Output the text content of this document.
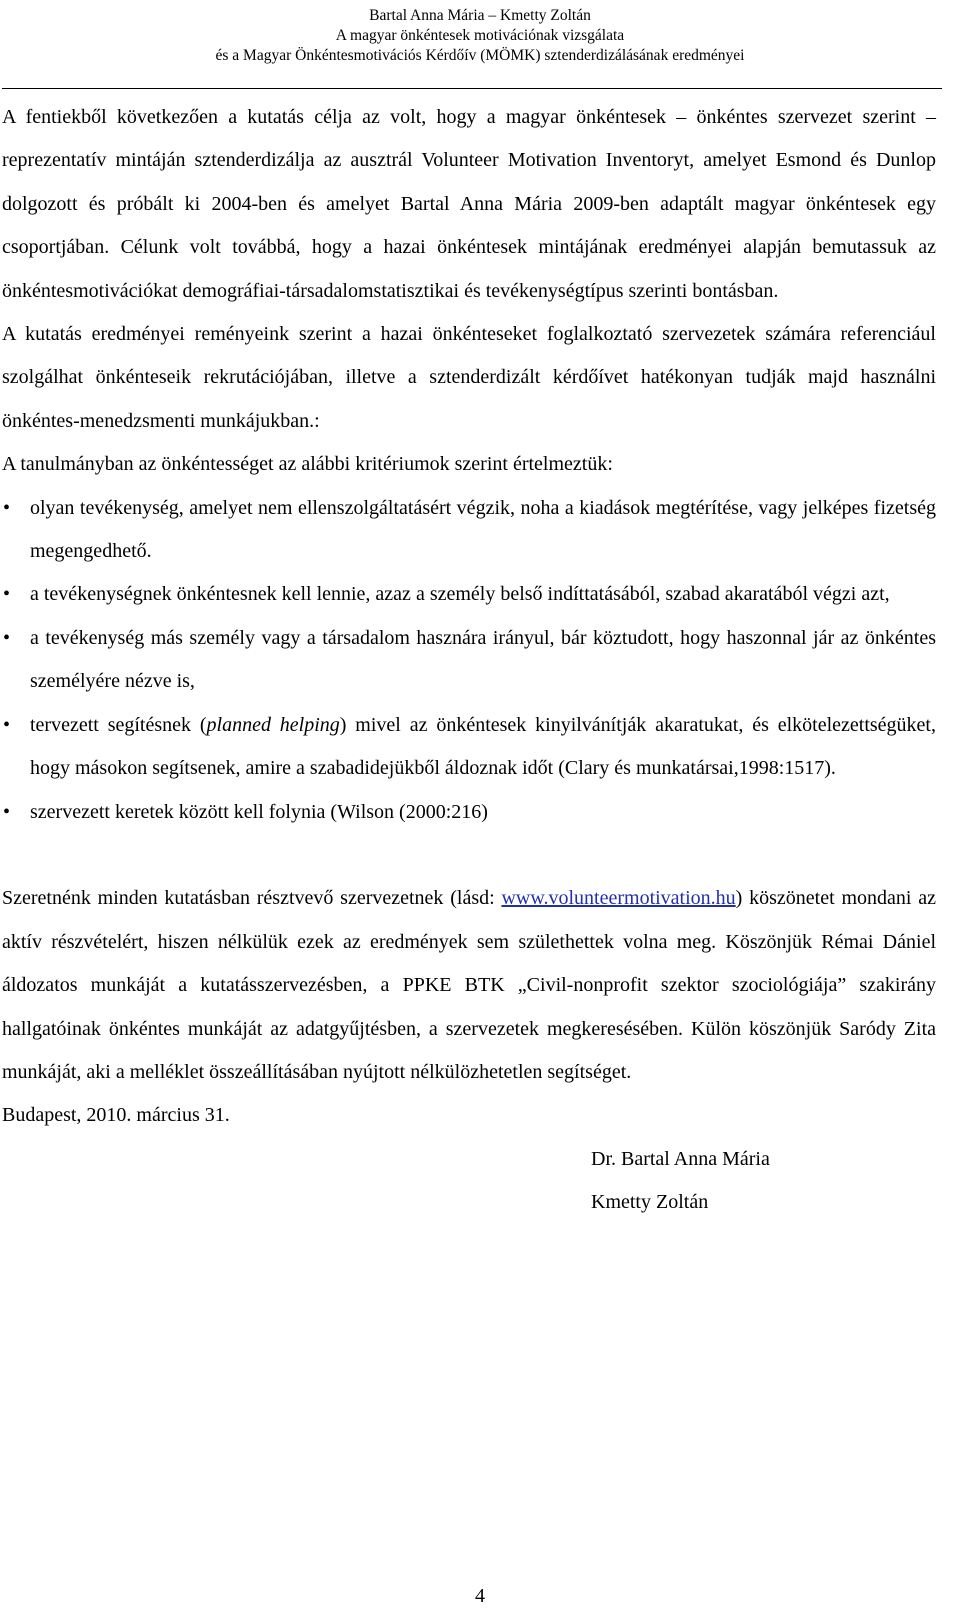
Bartal Anna Mária – Kmetty Zoltán
A magyar önkéntesek motivációnak vizsgálata
és a Magyar Önkéntesmotivációs Kérdőív (MÖMK) sztenderdizálásának eredményei

A fentiekből következően a kutatás célja az volt, hogy a magyar önkéntesek – önkéntes szervezet szerint – reprezentatív mintáján sztenderdizálja az ausztrál Volunteer Motivation Inventoryt, amelyet Esmond és Dunlop dolgozott és próbált ki 2004-ben és amelyet Bartal Anna Mária 2009-ben adaptált magyar önkéntesek egy csoportjában. Célunk volt továbbá, hogy a hazai önkéntesek mintájának eredményei alapján bemutassuk az önkéntesmotivációkat demográfiai-társadalomstatisztikai és tevékenységtípus szerinti bontásban.

A kutatás eredményei reményeink szerint a hazai önkénteseket foglalkoztató szervezetek számára referenciául szolgálhat önkénteseik rekrutációjában, illetve a sztenderdizált kérdőívet hatékonyan tudják majd használni önkéntes-menedzsmenti munkájukban.:

A tanulmányban az önkéntességet az alábbi kritériumok szerint értelmeztük:

• olyan tevékenység, amelyet nem ellenszolgáltatásért végzik, noha a kiadások megtérítése, vagy jelképes fizetség megengedhető.
• a tevékenységnek önkéntesnek kell lennie, azaz a személy belső indíttatásából, szabad akaratából végzi azt,
• a tevékenység más személy vagy a társadalom hasznára irányul, bár köztudott, hogy haszonnal jár az önkéntes személyére nézve is,
• tervezett segítésnek (planned helping) mivel az önkéntesek kinyilvánítják akaratukat, és elkötelezettségüket, hogy másokon segítsenek, amire a szabadidejükből áldoznak időt (Clary és munkatársai,1998:1517).
• szervezett keretek között kell folynia (Wilson (2000:216)

Szeretnénk minden kutatásban résztvevő szervezetnek (lásd: www.volunteermotivation.hu) köszönetet mondani az aktív részvételért, hiszen nélkülük ezek az eredmények sem születhettek volna meg. Köszönjük Rémai Dániel áldozatos munkáját a kutatásszervezésben, a PPKE BTK „Civil-nonprofit szektor szociológiája” szakirány hallgatóinak önkéntes munkáját az adatgyűjtésben, a szervezetek megkeresésében. Külön köszönjük Saródy Zita munkáját, aki a melléklet összeállításában nyújtott nélkülözhetetlen segítséget.

Budapest, 2010. március 31.

Dr. Bartal Anna Mária

Kmetty Zoltán

4
